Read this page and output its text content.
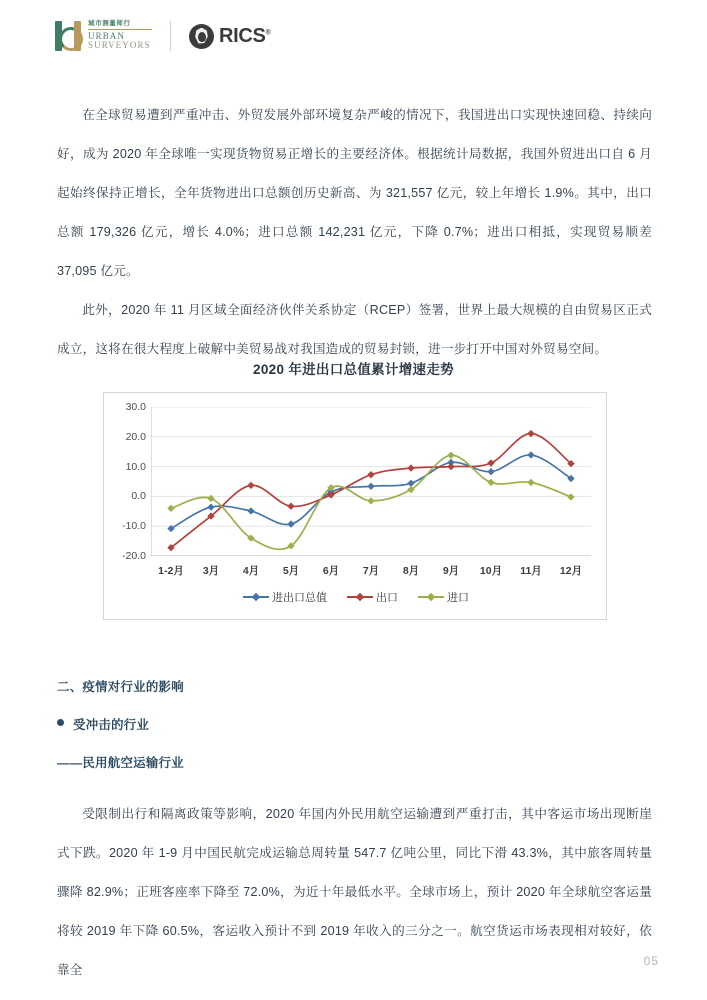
城市测量师行
URBAN
SURVEYORS	RICS®

在全球贸易遭到严重冲击、外贸发展外部环境复杂严峻的情况下，我国进出口实现快速回稳、持续向好，成为 2020 年全球唯一实现货物贸易正增长的主要经济体。根据统计局数据，我国外贸进出口自 6 月起始终保持正增长，全年货物进出口总额创历史新高、为 321,557 亿元，较上年增长 1.9%。其中，出口总额 179,326 亿元，增长 4.0%；进口总额 142,231 亿元，下降 0.7%；进出口相抵，实现贸易顺差 37,095 亿元。

此外，2020 年 11 月区域全面经济伙伴关系协定（RCEP）签署，世界上最大规模的自由贸易区正式成立，这将在很大程度上破解中美贸易战对我国造成的贸易封锁，进一步打开中国对外贸易空间。

2020 年进出口总值累计增速走势
30.0
20.0
10.0
0.0
-10.0
-20.0
1-2月 3月 4月 5月 6月 7月 8月 9月 10月 11月 12月
进出口总值	出口	进口
二、疫情对行业的影响
受冲击的行业
——民用航空运输行业

受限制出行和隔离政策等影响，2020 年国内外民用航空运输遭到严重打击，其中客运市场出现断崖式下跌。2020 年 1-9 月中国民航完成运输总周转量 547.7 亿吨公里，同比下滑 43.3%，其中旅客周转量骤降 82.9%；正班客座率下降至 72.0%，为近十年最低水平。全球市场上，预计 2020 年全球航空客运量将较 2019 年下降 60.5%，客运收入预计不到 2019 年收入的三分之一。航空货运市场表现相对较好，依靠全

05
